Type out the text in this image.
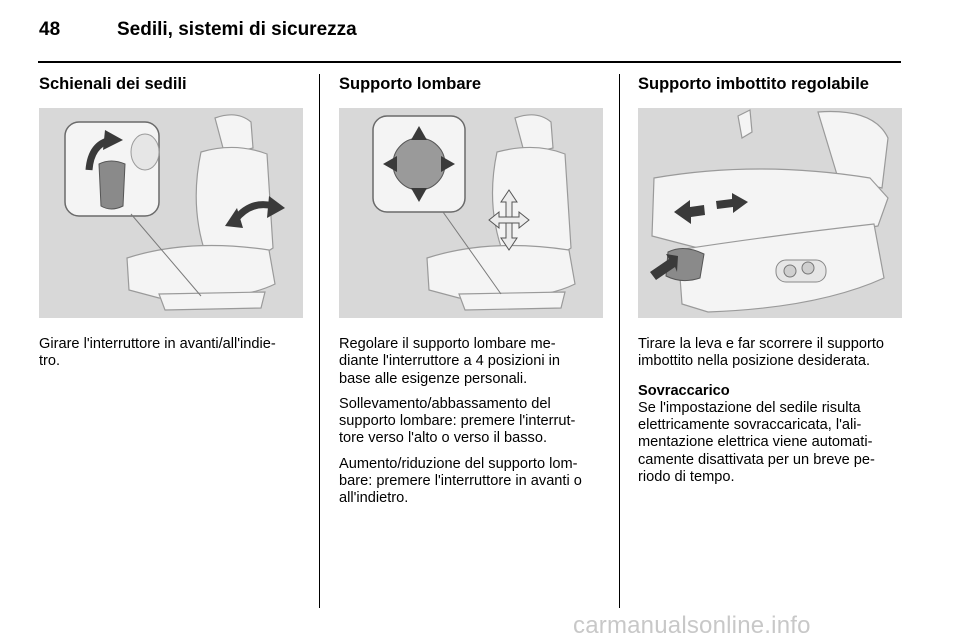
48	Sedili, sistemi di sicurezza
Schienali dei sedili

Girare l'interruttore in avanti/all'indie-
tro.

Supporto lombare

Regolare il supporto lombare me-
diante l'interruttore a 4 posizioni in
base alle esigenze personali.

Sollevamento/abbassamento del
supporto lombare: premere l'interrut-
tore verso l'alto o verso il basso.

Aumento/riduzione del supporto lom-
bare: premere l'interruttore in avanti o
all'indietro.

Supporto imbottito regolabile

Tirare la leva e far scorrere il supporto
imbottito nella posizione desiderata.

Sovraccarico

Se l'impostazione del sedile risulta
elettricamente sovraccaricata, l'ali-
mentazione elettrica viene automati-
camente disattivata per un breve pe-
riodo di tempo.

carmanualsonline.info
